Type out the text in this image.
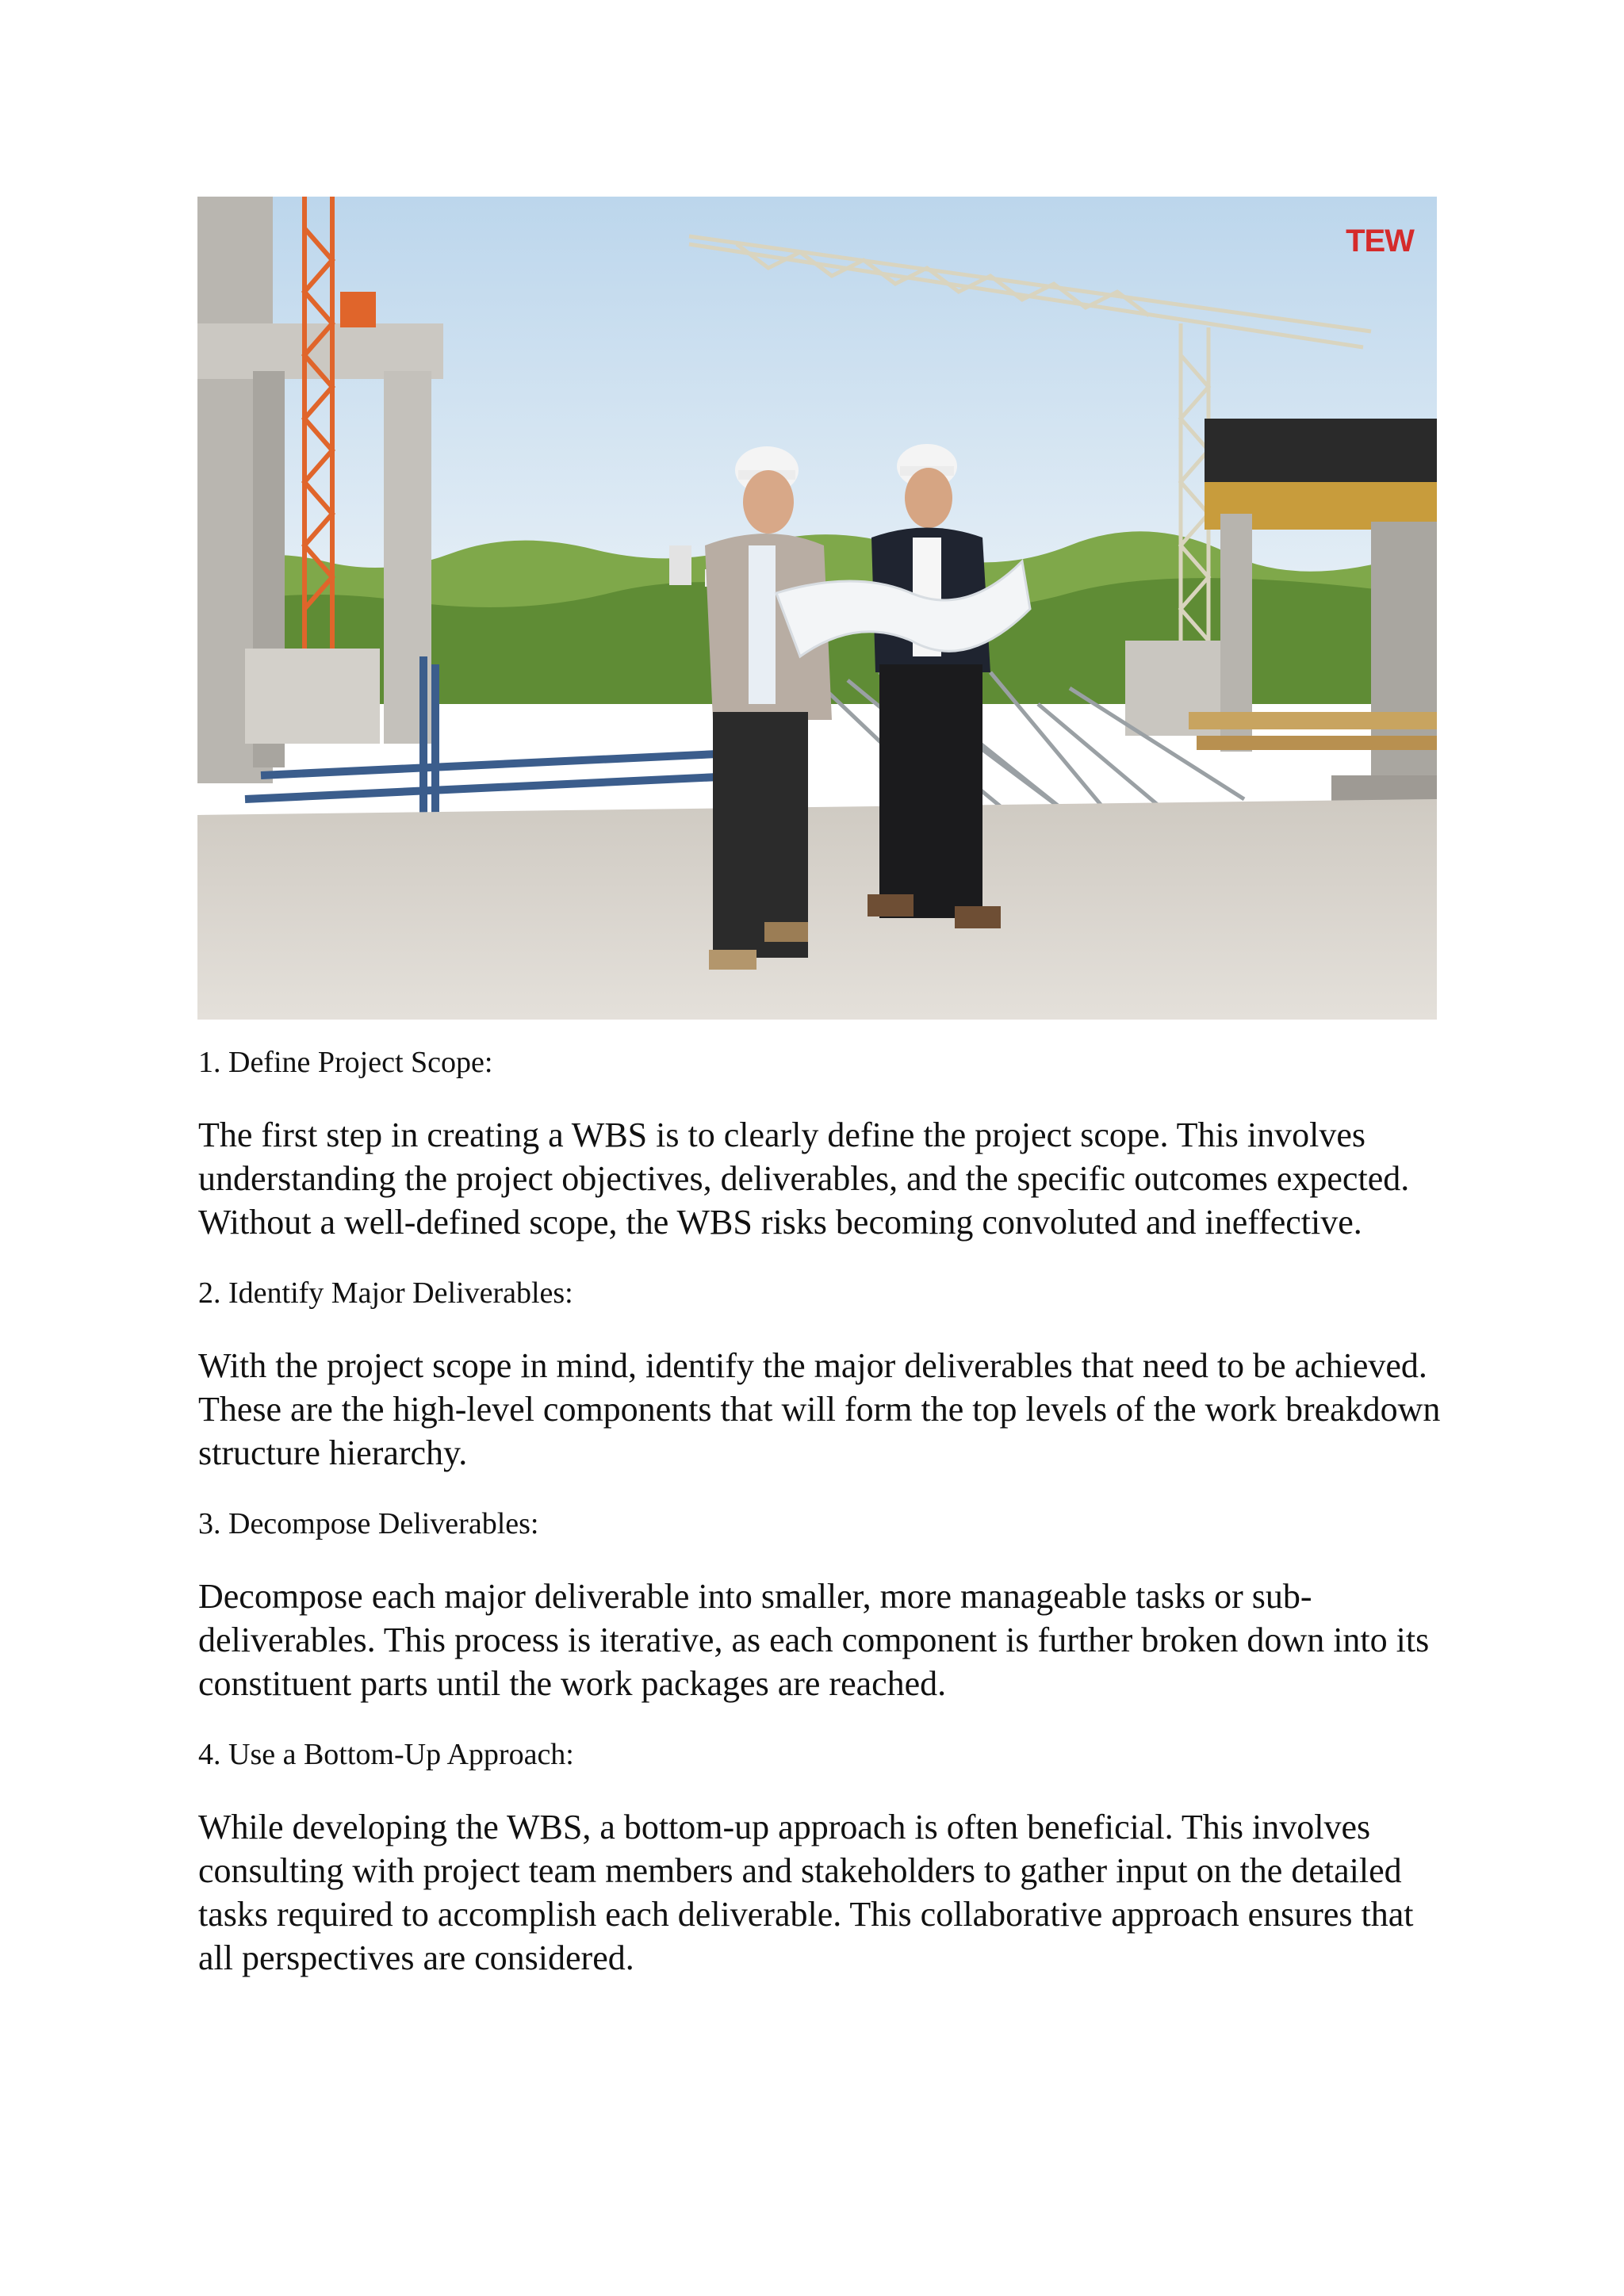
TEW
1. Define Project Scope:

The first step in creating a WBS is to clearly define the project scope. This involves understanding the project objectives, deliverables, and the specific outcomes expected. Without a well-defined scope, the WBS risks becoming convoluted and ineffective.

2. Identify Major Deliverables:

With the project scope in mind, identify the major deliverables that need to be achieved. These are the high-level components that will form the top levels of the work breakdown structure hierarchy.

3. Decompose Deliverables:

Decompose each major deliverable into smaller, more manageable tasks or sub-deliverables. This process is iterative, as each component is further broken down into its constituent parts until the work packages are reached.

4. Use a Bottom-Up Approach:

While developing the WBS, a bottom-up approach is often beneficial. This involves consulting with project team members and stakeholders to gather input on the detailed tasks required to accomplish each deliverable. This collaborative approach ensures that all perspectives are considered.
